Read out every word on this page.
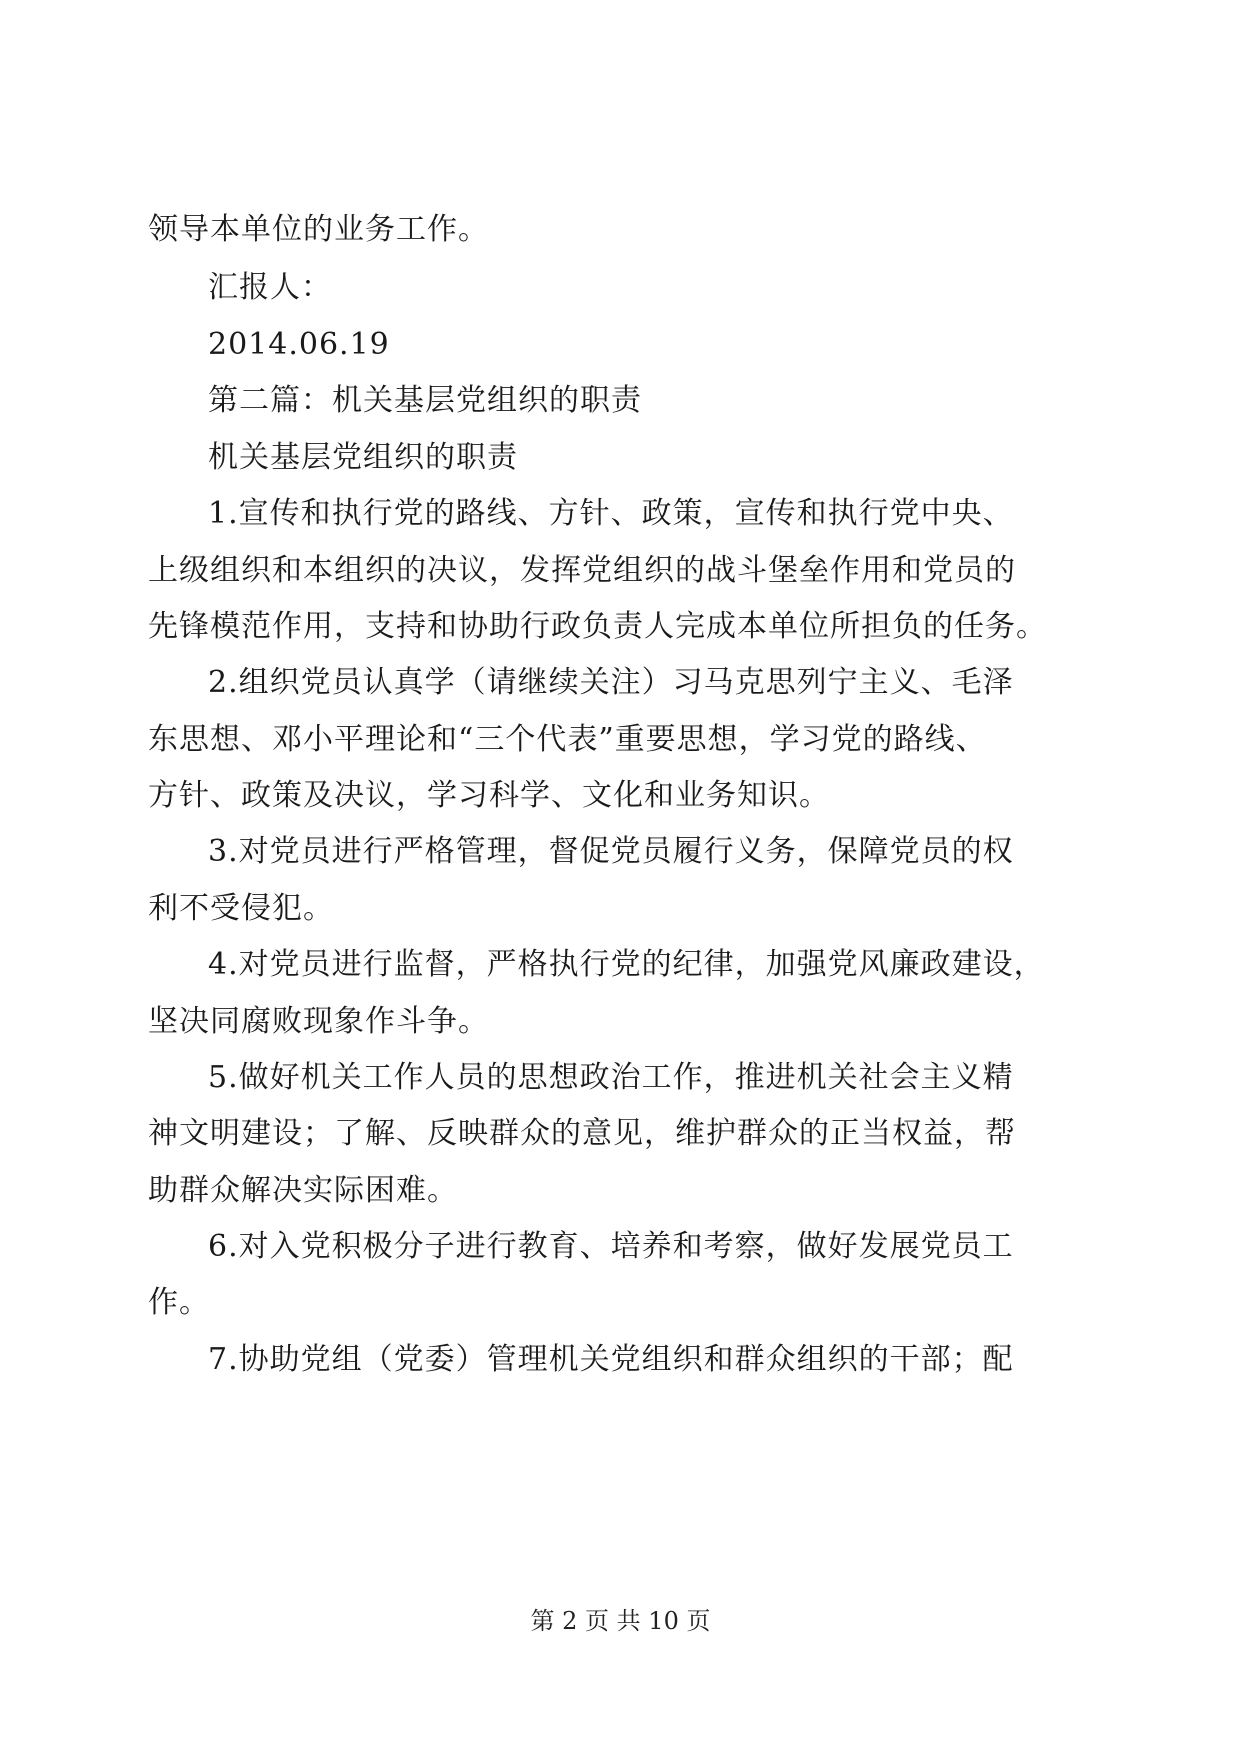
领导本单位的业务工作。
汇报人：
2014.06.19
第二篇：机关基层党组织的职责
机关基层党组织的职责
1.宣传和执行党的路线、方针、政策，宣传和执行党中央、
上级组织和本组织的决议，发挥党组织的战斗堡垒作用和党员的
先锋模范作用，支持和协助行政负责人完成本单位所担负的任务。
2.组织党员认真学（请继续关注）习马克思列宁主义、毛泽
东思想、邓小平理论和“三个代表”重要思想，学习党的路线、
方针、政策及决议，学习科学、文化和业务知识。
3.对党员进行严格管理，督促党员履行义务，保障党员的权
利不受侵犯。
4.对党员进行监督，严格执行党的纪律，加强党风廉政建设，
坚决同腐败现象作斗争。
5.做好机关工作人员的思想政治工作，推进机关社会主义精
神文明建设；了解、反映群众的意见，维护群众的正当权益，帮
助群众解决实际困难。
6.对入党积极分子进行教育、培养和考察，做好发展党员工
作。
7.协助党组（党委）管理机关党组织和群众组织的干部；配
第 2 页 共 10 页
